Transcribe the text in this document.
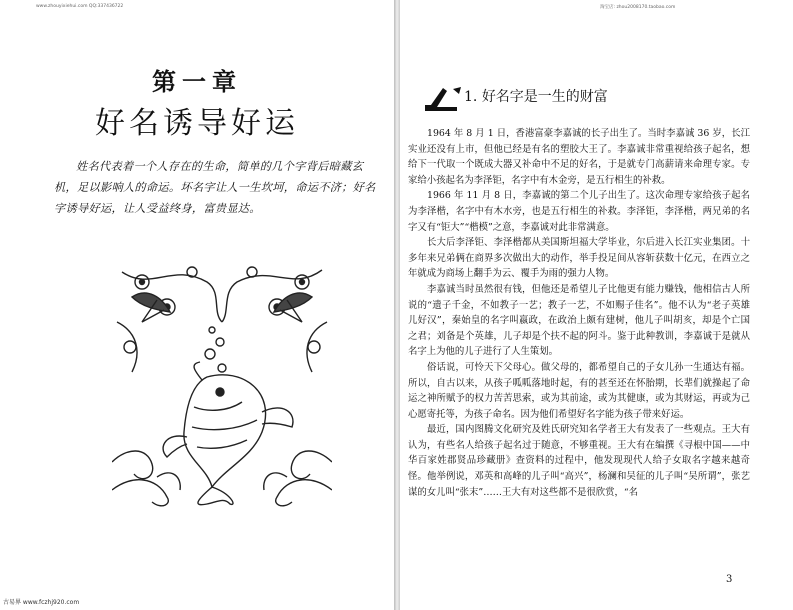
www.zhouyixiehui.com QQ:337436722	淘宝店: zhou2008170.taobao.com
第一章
好名诱导好运

姓名代表着一个人存在的生命，简单的几个字背后暗藏玄机，足以影响人的命运。坏名字让人一生坎坷，命运不济；好名字诱导好运，让人受益终身，富贵显达。

古易界 www.fczhj920.com
1. 好名字是一生的财富

1964 年 8 月 1 日，香港富豪李嘉诚的长子出生了。当时李嘉诚 36 岁，长江实业还没有上市，但他已经是有名的塑胶大王了。李嘉诚非常重视给孩子起名，想给下一代取一个既成大器又补命中不足的好名，于是就专门高薪请来命理专家。专家给小孩起名为李泽钜，名字中有木金旁，是五行相生的补救。

1966 年 11 月 8 日，李嘉诚的第二个儿子出生了。这次命理专家给孩子起名为李泽楷，名字中有木水旁，也是五行相生的补救。李泽钜，李泽楷，两兄弟的名字又有“钜大”“楷模”之意，李嘉诚对此非常满意。

长大后李泽钜、李泽楷都从美国斯坦福大学毕业，尔后进入长江实业集团。十多年来兄弟俩在商界多次做出大的动作，举手投足间从容斩获数十亿元，在西立之年就成为商场上翻手为云、覆手为雨的强力人物。

李嘉诚当时虽然很有钱，但他还是希望儿子比他更有能力赚钱，他相信古人所说的“遗子千金，不如教子一艺；教子一艺，不如赐子佳名”。他不认为“老子英雄儿好汉”，秦始皇的名字叫嬴政，在政治上颇有建树，他儿子叫胡亥，却是个亡国之君；刘备是个英雄，儿子却是个扶不起的阿斗。鉴于此种教训，李嘉诚于是就从名字上为他的儿子进行了人生策划。

俗话说，可怜天下父母心。做父母的，都希望自己的子女儿孙一生通达有福。所以，自古以来，从孩子呱呱落地时起，有的甚至还在怀胎期，长辈们就操起了命运之神所赋予的权力苦苦思索，或为其前途，或为其健康，或为其财运，再或为己心愿寄托等，为孩子命名。因为他们希望好名字能为孩子带来好运。

最近，国内图腾文化研究及姓氏研究知名学者王大有发表了一些观点。王大有认为，有些名人给孩子起名过于随意，不够重视。王大有在编撰《寻根中国——中华百家姓郡贤品珍藏册》查资料的过程中，他发现现代人给子女取名字越来越奇怪。他举例说，邓英和高峰的儿子叫“高兴”，杨澜和吴征的儿子叫“吴所谓”，张艺谋的女儿叫“张末”……王大有对这些都不是很欣赏，“名

3
